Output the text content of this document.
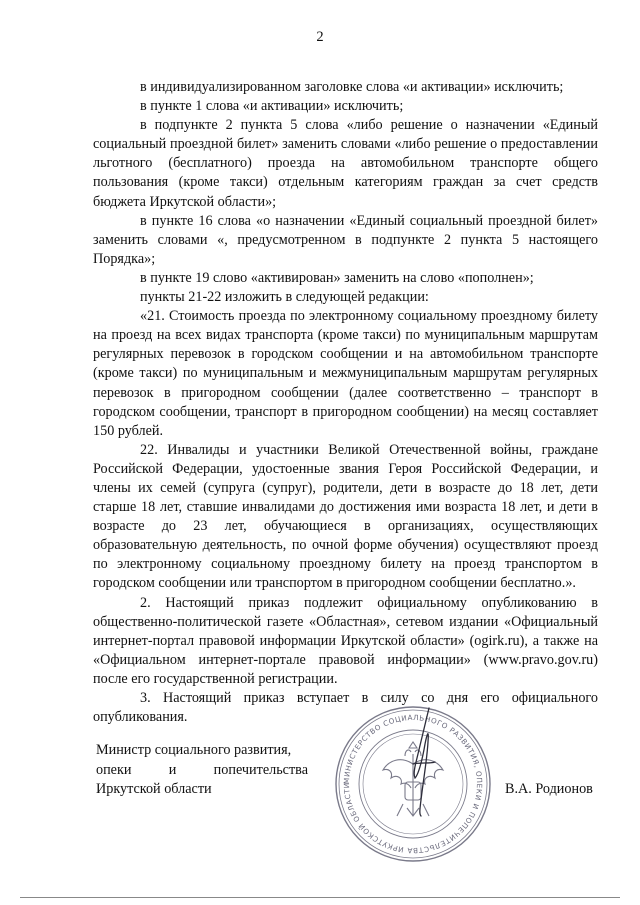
2

в индивидуализированном заголовке слова «и активации» исключить;

в пункте 1 слова «и активации» исключить;

в подпункте 2 пункта 5 слова «либо решение о назначении «Единый социальный проездной билет» заменить словами «либо решение о предоставлении льготного (бесплатного) проезда на автомобильном транспорте общего пользования (кроме такси) отдельным категориям граждан за счет средств бюджета Иркутской области»;

в пункте 16 слова «о назначении «Единый социальный проездной билет» заменить словами «, предусмотренном в подпункте 2 пункта 5 настоящего Порядка»;

в пункте 19 слово «активирован» заменить на слово «пополнен»;

пункты 21-22 изложить в следующей редакции:

«21. Стоимость проезда по электронному социальному проездному билету на проезд на всех видах транспорта (кроме такси) по муниципальным маршрутам регулярных перевозок в городском сообщении и на автомобильном транспорте (кроме такси) по муниципальным и межмуниципальным маршрутам регулярных перевозок в пригородном сообщении (далее соответственно – транспорт в городском сообщении, транспорт в пригородном сообщении) на месяц составляет 150 рублей.

22. Инвалиды и участники Великой Отечественной войны, граждане Российской Федерации, удостоенные звания Героя Российской Федерации, и члены их семей (супруга (супруг), родители, дети в возрасте до 18 лет, дети старше 18 лет, ставшие инвалидами до достижения ими возраста 18 лет, и дети в возрасте до 23 лет, обучающиеся в организациях, осуществляющих образовательную деятельность, по очной форме обучения) осуществляют проезд по электронному социальному проездному билету на проезд транспортом в городском сообщении или транспортом в пригородном сообщении бесплатно.».

2. Настоящий приказ подлежит официальному опубликованию в общественно-политической газете «Областная», сетевом издании «Официальный интернет-портал правовой информации Иркутской области» (ogirk.ru), а также на «Официальном интернет-портале правовой информации» (www.pravo.gov.ru) после его государственной регистрации.

3. Настоящий приказ вступает в силу со дня его официального опубликования.

Министр социального развития,
опеки и попечительства
Иркутской области
МИНИСТЕРСТВО СОЦИАЛЬНОГО РАЗВИТИЯ, ОПЕКИ И ПОПЕЧИТЕЛЬСТВА ИРКУТСКОЙ ОБЛАСТИ	В.А. Родионов
